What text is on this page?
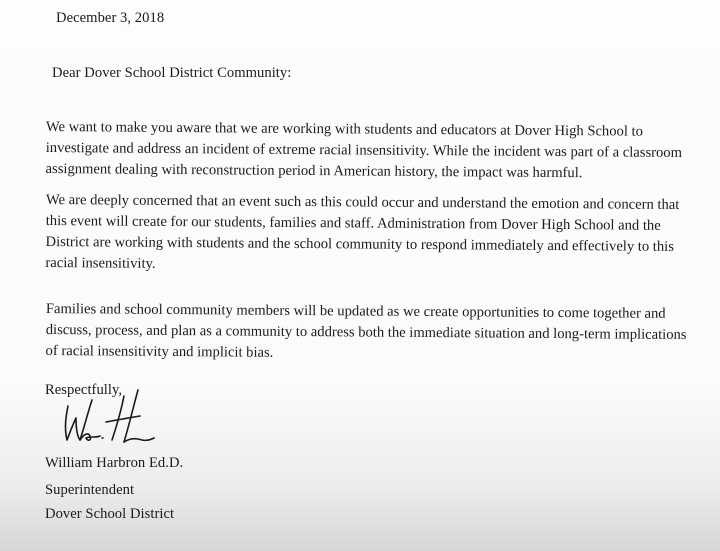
December 3, 2018
Dear Dover School District Community:
We want to make you aware that we are working with students and educators at Dover High School to
investigate and address an incident of extreme racial insensitivity. While the incident was part of a classroom
assignment dealing with reconstruction period in American history, the impact was harmful.
We are deeply concerned that an event such as this could occur and understand the emotion and concern that
this event will create for our students, families and staff. Administration from Dover High School and the
District are working with students and the school community to respond immediately and effectively to this
racial insensitivity.
Families and school community members will be updated as we create opportunities to come together and
discuss, process, and plan as a community to address both the immediate situation and long-term implications
of racial insensitivity and implicit bias.
Respectfully,
William Harbron Ed.D.
Superintendent
Dover School District
